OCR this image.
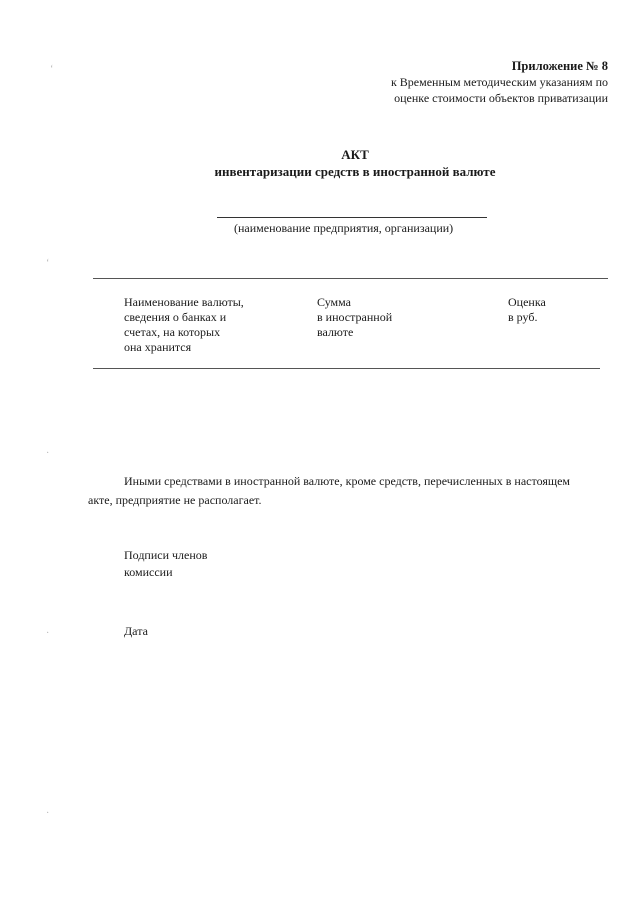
‘
‘
·
·
·
Приложение № 8
к Временным методическим указаниям по
оценке стоимости объектов приватизации
АКТ
инвентаризации средств в иностранной валюте
(наименование предприятия, организации)
Наименование валюты,
сведения о банках и
счетах, на которых
она хранится
Сумма
в иностранной
валюте
Оценка
в руб.
Иными средствами в иностранной валюте, кроме средств, перечисленных в настоящем
акте, предприятие не располагает.
Подписи членов
комиссии
Дата
